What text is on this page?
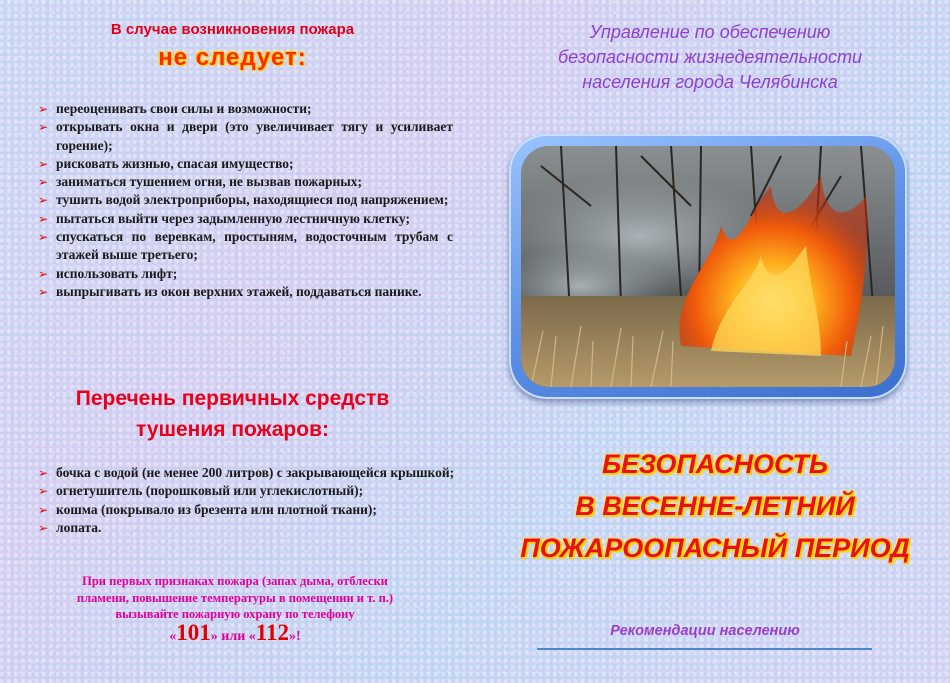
В случае возникновения пожара
не следует:
➢ переоценивать свои силы и возможности;
➢ открывать окна и двери (это увеличивает тягу и усиливает горение);
➢ рисковать жизнью, спасая имущество;
➢ заниматься тушением огня, не вызвав пожарных;
➢ тушить водой электроприборы, находящиеся под напряжением;
➢ пытаться выйти через задымленную лестничную клетку;
➢ спускаться по веревкам, простыням, водосточным трубам с этажей выше третьего;
➢ использовать лифт;
➢ выпрыгивать из окон верхних этажей, поддаваться панике.
Перечень первичных средств
тушения пожаров:
➢ бочка с водой (не менее 200 литров) с закрывающейся крышкой;
➢ огнетушитель (порошковый или углекислотный);
➢ кошма (покрывало из брезента или плотной ткани);
➢ лопата.
При первых признаках пожара (запах дыма, отблески пламени, повышение температуры в помещении и т. п.) вызывайте пожарную охрану по телефону
«101» или «112»!
Управление по обеспечению
безопасности жизнедеятельности
населения города Челябинска
БЕЗОПАСНОСТЬ
В ВЕСЕННЕ-ЛЕТНИЙ
ПОЖАРООПАСНЫЙ ПЕРИОД
Рекомендации населению
